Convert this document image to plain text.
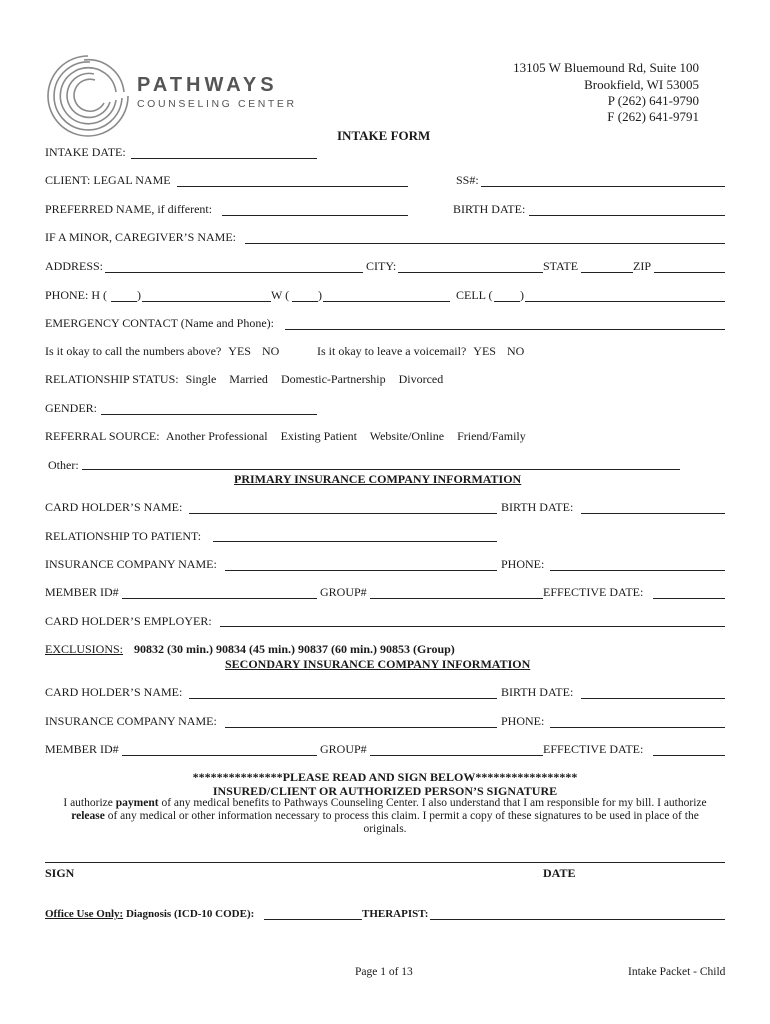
PATHWAYS
COUNSELING CENTER
13105 W Bluemound Rd, Suite 100
Brookfield, WI 53005
P (262) 641-9790
F (262) 641-9791
INTAKE FORM
INTAKE DATE:
CLIENT: LEGAL NAME	SS#:
PREFERRED NAME, if different:	BIRTH DATE:
IF A MINOR, CAREGIVER’S NAME:
ADDRESS:	CITY:	STATE	ZIP
PHONE: H (	)	W ( )	CELL ( )
EMERGENCY CONTACT (Name and Phone):
Is it okay to call the numbers above? YES NO	Is it okay to leave a voicemail? YES NO
RELATIONSHIP STATUS: Single Married Domestic-Partnership Divorced
GENDER:
REFERRAL SOURCE: Another Professional Existing Patient Website/Online Friend/Family
Other:
PRIMARY INSURANCE COMPANY INFORMATION
CARD HOLDER’S NAME:	BIRTH DATE:
RELATIONSHIP TO PATIENT:
INSURANCE COMPANY NAME:	PHONE:
MEMBER ID#	GROUP#	EFFECTIVE DATE:
CARD HOLDER’S EMPLOYER:
EXCLUSIONS: 90832 (30 min.) 90834 (45 min.) 90837 (60 min.) 90853 (Group)
SECONDARY INSURANCE COMPANY INFORMATION
CARD HOLDER’S NAME:	BIRTH DATE:
INSURANCE COMPANY NAME:	PHONE:
MEMBER ID#	GROUP#	EFFECTIVE DATE:
***************PLEASE READ AND SIGN BELOW*****************
INSURED/CLIENT OR AUTHORIZED PERSON’S SIGNATURE
I authorize payment of any medical benefits to Pathways Counseling Center. I also understand that I am responsible for my bill. I authorize
release of any medical or other information necessary to process this claim. I permit a copy of these signatures to be used in place of the
originals.
SIGN	DATE
Office Use Only: Diagnosis (ICD-10 CODE):	THERAPIST:
Page 1 of 13	Intake Packet - Child
